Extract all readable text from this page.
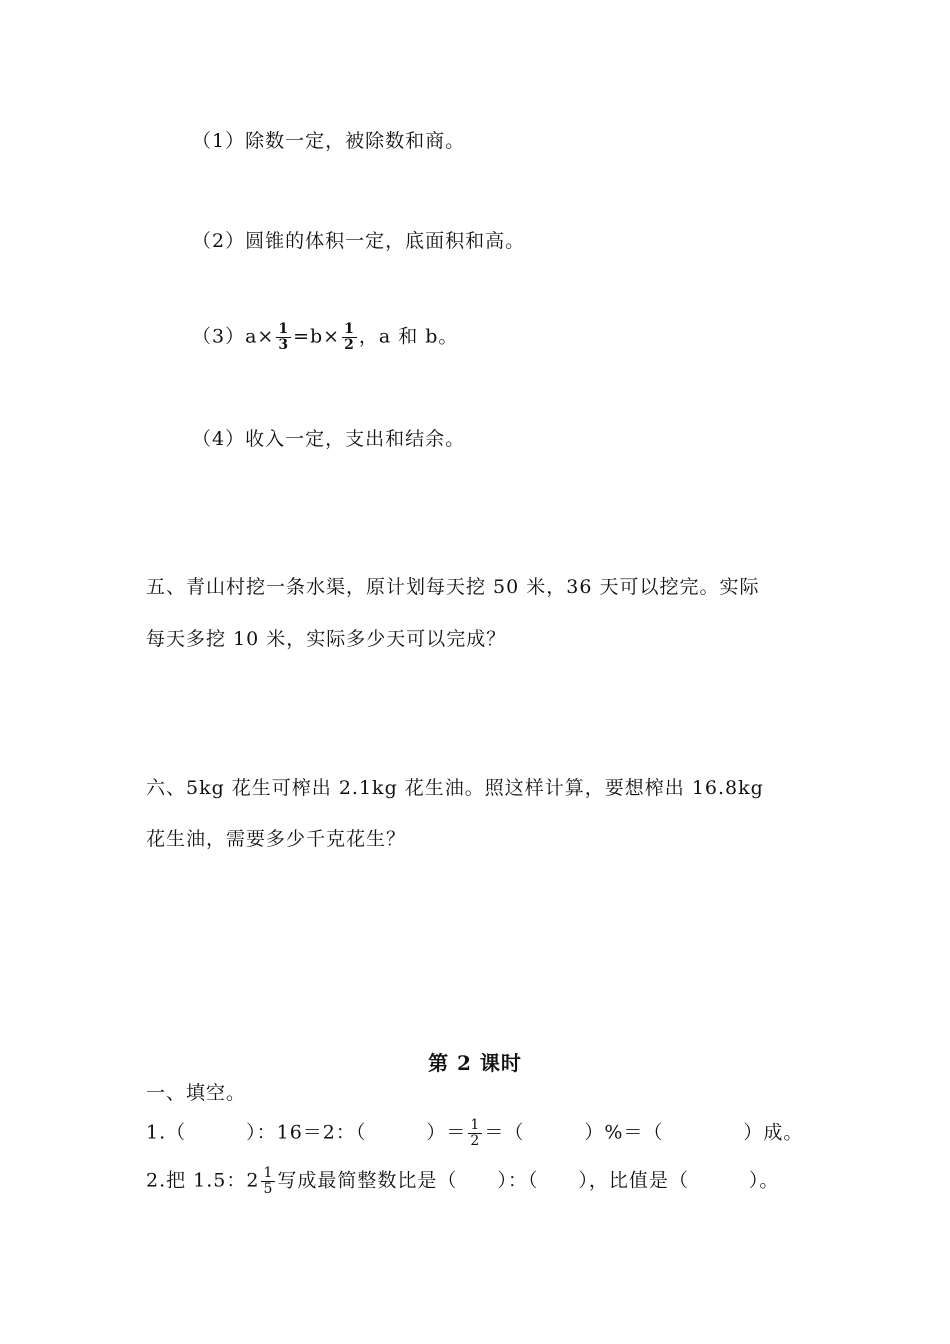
（1）除数一定，被除数和商。
（2）圆锥的体积一定，底面积和高。
$(3)a\times \frac{1}{3} =b\times \frac{1}{2}$ ，a 和 b。
（4）收入一定，支出和结余。
五、青山村挖一条水渠，原计划每天挖 50 米，36 天可以挖完。实际
每天多挖 10 米，实际多少天可以完成？
六、5kg 花生可榨出 2.1kg 花生油。照这样计算，要想榨出 16.8kg
花生油，需要多少千克花生？
第 2 课时
一、填空。
1.（　　　）：16＝2：（　　　）＝ $\frac{1}{2}$ ＝（　　　）%＝（　　　　）成。
2.把 1.5：$2 \frac{1}{5}$ 写成最简整数比是（　　）：（　　），比值是（　　　）。
